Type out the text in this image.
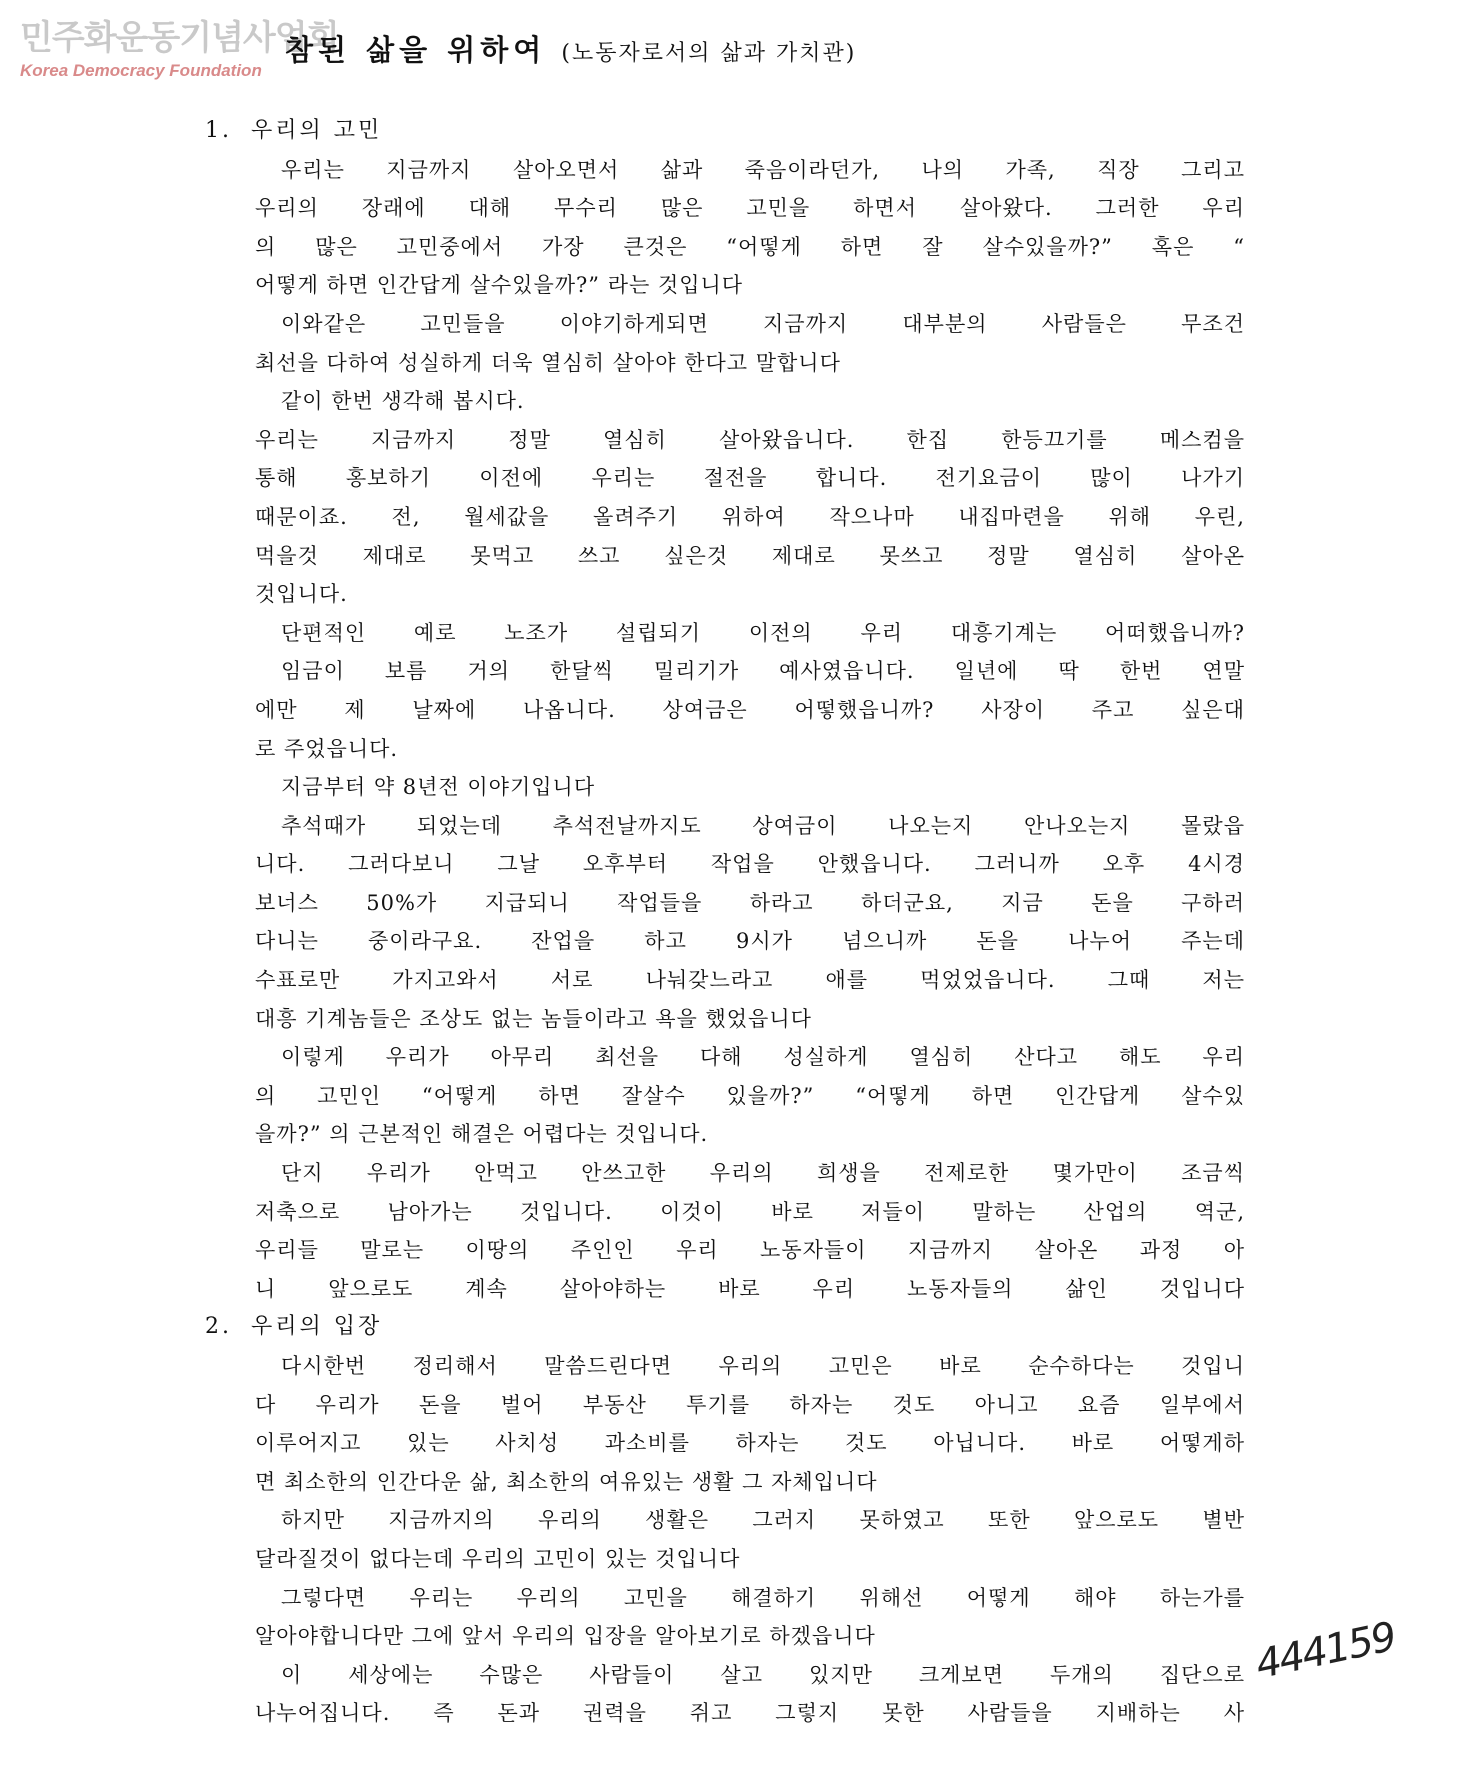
민주화운동기념사업회
Korea Democracy Foundation
참된 삶을 위하여 (노동자로서의 삶과 가치관)
1. 우리의 고민
우리는 지금까지 살아오면서 삶과 죽음이라던가, 나의 가족, 직장 그리고
우리의 장래에 대해 무수리 많은 고민을 하면서 살아왔다. 그러한 우리
의 많은 고민중에서 가장 큰것은 “어떻게 하면 잘 살수있을까?” 혹은 “
어떻게 하면 인간답게 살수있을까?” 라는 것입니다
이와같은 고민들을 이야기하게되면 지금까지 대부분의 사람들은 무조건
최선을 다하여 성실하게 더욱 열심히 살아야 한다고 말합니다
같이 한번 생각해 봅시다.
우리는 지금까지 정말 열심히 살아왔읍니다. 한집 한등끄기를 메스컴을
통해 홍보하기 이전에 우리는 절전을 합니다. 전기요금이 많이 나가기
때문이죠. 전, 월세값을 올려주기 위하여 작으나마 내집마련을 위해 우린,
먹을것 제대로 못먹고 쓰고 싶은것 제대로 못쓰고 정말 열심히 살아온
것입니다.
단편적인 예로 노조가 설립되기 이전의 우리 대흥기계는 어떠했읍니까?
임금이 보름 거의 한달씩 밀리기가 예사였읍니다. 일년에 딱 한번 연말
에만 제 날짜에 나옵니다. 상여금은 어떻했읍니까? 사장이 주고 싶은대
로 주었읍니다.
지금부터 약 8년전 이야기입니다
추석때가 되었는데 추석전날까지도 상여금이 나오는지 안나오는지 몰랐읍
니다. 그러다보니 그날 오후부터 작업을 안했읍니다. 그러니까 오후 4시경
보너스 50%가 지급되니 작업들을 하라고 하더군요, 지금 돈을 구하러
다니는 중이라구요. 잔업을 하고 9시가 넘으니까 돈을 나누어 주는데
수표로만 가지고와서 서로 나눠갖느라고 애를 먹었었읍니다. 그때 저는
대흥 기계놈들은 조상도 없는 놈들이라고 욕을 했었읍니다
이렇게 우리가 아무리 최선을 다해 성실하게 열심히 산다고 해도 우리
의 고민인 “어떻게 하면 잘살수 있을까?” “어떻게 하면 인간답게 살수있
을까?” 의 근본적인 해결은 어렵다는 것입니다.
단지 우리가 안먹고 안쓰고한 우리의 희생을 전제로한 몇가만이 조금씩
저축으로 남아가는 것입니다. 이것이 바로 저들이 말하는 산업의 역군,
우리들 말로는 이땅의 주인인 우리 노동자들이 지금까지 살아온 과정 아
니 앞으로도 계속 살아야하는 바로 우리 노동자들의 삶인 것입니다
2. 우리의 입장
다시한번 정리해서 말씀드린다면 우리의 고민은 바로 순수하다는 것입니
다 우리가 돈을 벌어 부동산 투기를 하자는 것도 아니고 요즘 일부에서
이루어지고 있는 사치성 과소비를 하자는 것도 아닙니다. 바로 어떻게하
면 최소한의 인간다운 삶, 최소한의 여유있는 생활 그 자체입니다
하지만 지금까지의 우리의 생활은 그러지 못하였고 또한 앞으로도 별반
달라질것이 없다는데 우리의 고민이 있는 것입니다
그렇다면 우리는 우리의 고민을 해결하기 위해선 어떻게 해야 하는가를
알아야합니다만 그에 앞서 우리의 입장을 알아보기로 하겠읍니다
이 세상에는 수많은 사람들이 살고 있지만 크게보면 두개의 집단으로
나누어집니다. 즉 돈과 권력을 쥐고 그렇지 못한 사람들을 지배하는 사
444159
